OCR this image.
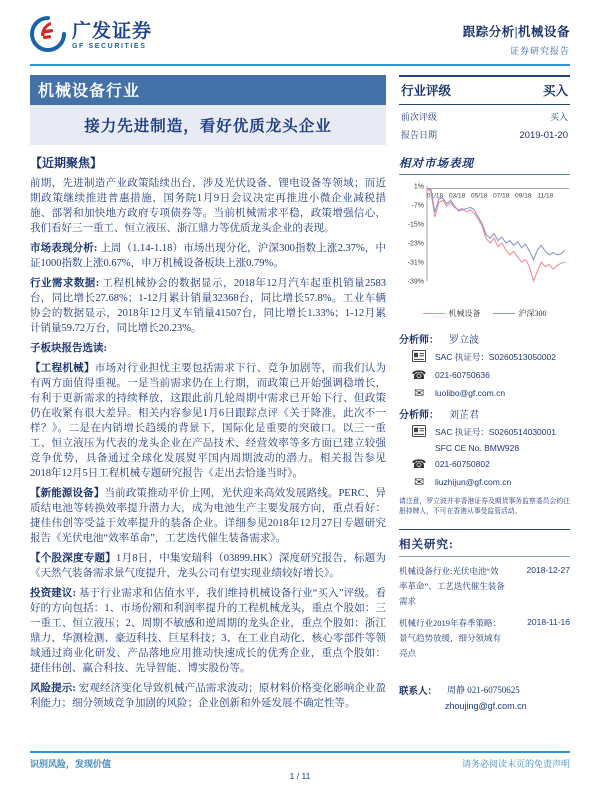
广发证券
GF SECURITIES
跟踪分析|机械设备
证券研究报告
机械设备行业
接力先进制造，看好优质龙头企业
【近期聚焦】

前期，先进制造产业政策陆续出台，涉及光伏设备、锂电设备等领域；而近期政策继续推进普惠措施，国务院1月9日会议决定再推进小微企业减税措施、部署和加快地方政府专项债券等。当前机械需求平稳，政策增强信心，我们看好三一重工、恒立液压、浙江鼎力等优质龙头企业的表现。

市场表现分析: 上周（1.14-1.18）市场出现分化，沪深300指数上涨2.37%，中证1000指数上涨0.67%，申万机械设备板块上涨0.79%。

行业需求数据: 工程机械协会的数据显示，2018年12月汽车起重机销量2583台，同比增长27.68%；1-12月累计销量32368台，同比增长57.8%。工业车辆协会的数据显示，2018年12月叉车销量41507台，同比增长1.33%；1-12月累计销量59.72万台，同比增长20.23%。

子板块报告选读:

【工程机械】市场对行业担忧主要包括需求下行、竞争加剧等，而我们认为有两方面值得重视。一是当前需求仍在上行期，而政策已开始强调稳增长，有利于更新需求的持续释放，这跟此前几轮周期中需求已开始下行、但政策仍在收紧有很大差异。相关内容参见1月6日跟踪点评《关于降准，此次不一样？》。二是在内销增长趋缓的背景下，国际化是重要的突破口。以三一重工、恒立液压为代表的龙头企业在产品技术、经营效率等多方面已建立较强竞争优势，具备通过全球化发展熨平国内周期波动的潜力。相关报告参见2018年12月5日工程机械专题研究报告《走出去恰逢当时》。

【新能源设备】当前政策推动平价上网，光伏迎来高效发展路线。PERC、异质结电池等转换效率提升潜力大，成为电池生产主要发展方向，重点看好：捷佳伟创等受益于效率提升的装备企业。详细参见2018年12月27日专题研究报告《光伏电池“效率革命”，工艺迭代催生装备需求》。

【个股深度专题】1月8日，中集安瑞科（03899.HK）深度研究报告，标题为《天然气装备需求景气度提升，龙头公司有望实现业绩较好增长》。

投资建议: 基于行业需求和估值水平，我们维持机械设备行业“买入”评级。看好的方向包括：1、市场份额和利润率提升的工程机械龙头，重点个股如：三一重工、恒立液压；2、周期不敏感和逆周期的龙头企业，重点个股如：浙江鼎力、华测检测、豪迈科技、巨星科技；3、在工业自动化、核心零部件等领域通过商业化研发、产品落地应用推动快速成长的优秀企业，重点个股如：捷佳伟创、赢合科技、先导智能、博实股份等。

风险提示: 宏观经济变化导致机械产品需求波动；原材料价格变化影响企业盈利能力；细分领域竞争加剧的风险；企业创新和外延发展不确定性等。

行业评级	买入
前次评级	买入
报告日期	2019-01-20
相对市场表现
1%
-7%
-15%
-23%
-31%
-39%
01/18 03/18 05/18 07/18 09/18 11/18
机械设备	沪深300
分析师： 罗立波
SAC 执证号：S0260513050002
☎ 021-60750636
✉	luolibo@gf.com.cn
分析师： 刘芷君
SAC 执证号：S0260514030001
SFC CE No. BMW928
☎ 021-60750802
✉	liuzhijun@gf.com.cn
请注意，罗立波并非香港证券及期货事务监察委员会的注册持牌人，不可在香港从事受监管活动。
相关研究:
机械设备行业:光伏电池“效率革命”、工艺迭代催生装备需求
2018-12-27
机械行业2019年春季策略：景气趋势放缓，细分领域有亮点
2018-11-16
联系人： 周静 021-60750625
zhoujing@gf.com.cn
识别风险，发现价值	请务必阅读末页的免责声明
1 / 11
